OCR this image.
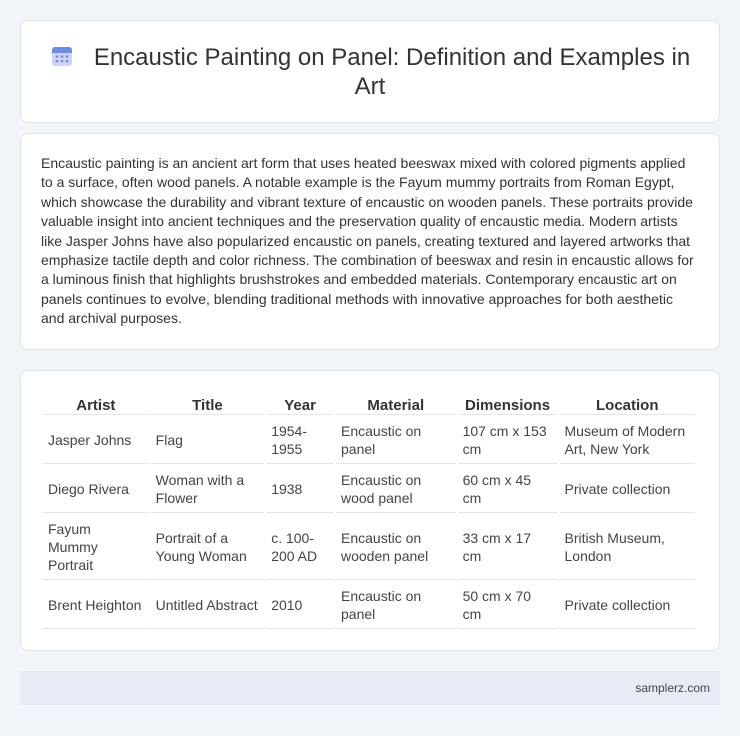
Encaustic Painting on Panel: Definition and Examples in Art

Encaustic painting is an ancient art form that uses heated beeswax mixed with colored pigments applied to a surface, often wood panels. A notable example is the Fayum mummy portraits from Roman Egypt, which showcase the durability and vibrant texture of encaustic on wooden panels. These portraits provide valuable insight into ancient techniques and the preservation quality of encaustic media. Modern artists like Jasper Johns have also popularized encaustic on panels, creating textured and layered artworks that emphasize tactile depth and color richness. The combination of beeswax and resin in encaustic allows for a luminous finish that highlights brushstrokes and embedded materials. Contemporary encaustic art on panels continues to evolve, blending traditional methods with innovative approaches for both aesthetic and archival purposes.

Artist	Title	Year	Material	Dimensions	Location
Jasper Johns	Flag	1954-1955	Encaustic on panel	107 cm x 153 cm	Museum of Modern Art, New York
Diego Rivera	Woman with a Flower	1938	Encaustic on wood panel	60 cm x 45 cm	Private collection
Fayum Mummy Portrait	Portrait of a Young Woman	c. 100-200 AD	Encaustic on wooden panel	33 cm x 17 cm	British Museum, London
Brent Heighton	Untitled Abstract	2010	Encaustic on panel	50 cm x 70 cm	Private collection
samplerz.com
